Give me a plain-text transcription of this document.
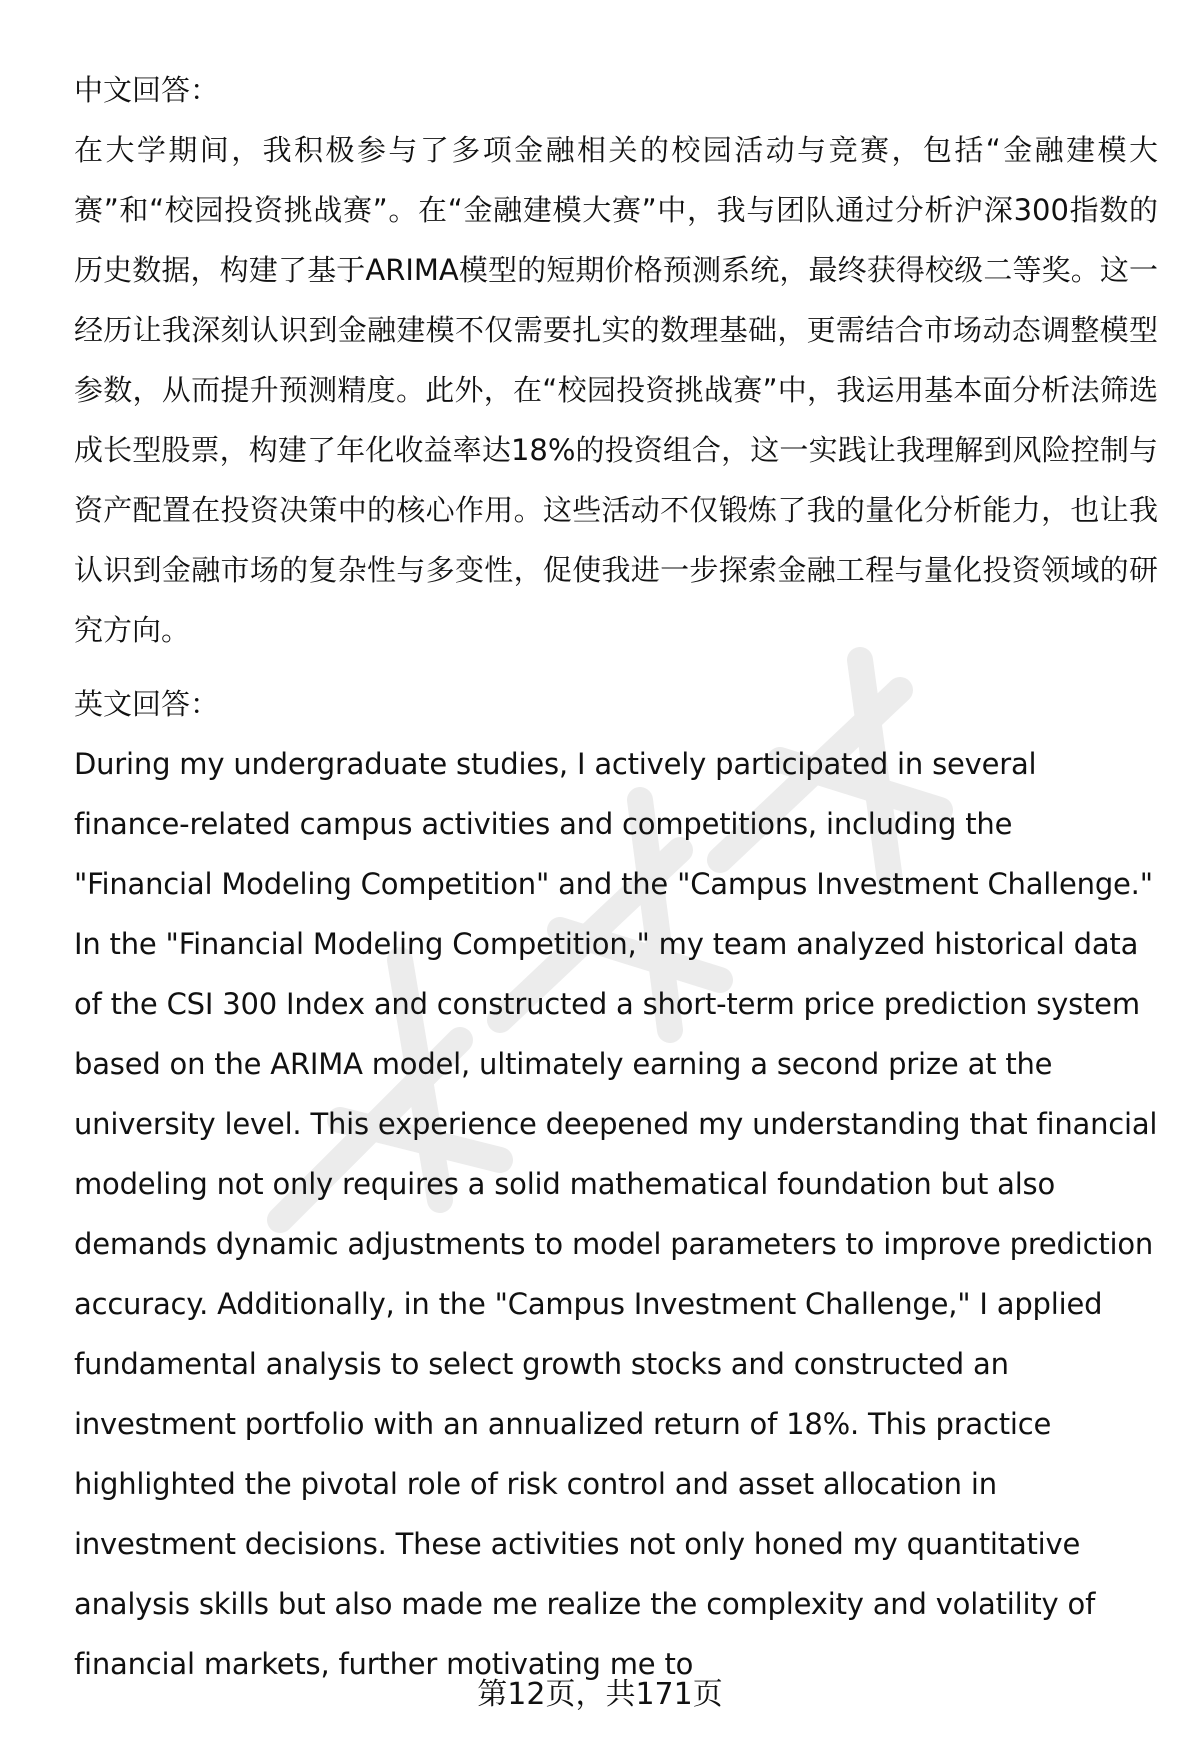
中文回答：

在大学期间，我积极参与了多项金融相关的校园活动与竞赛，包括“金融建模大赛”和“校园投资挑战赛”。在“金融建模大赛”中，我与团队通过分析沪深300指数的历史数据，构建了基于ARIMA模型的短期价格预测系统，最终获得校级二等奖。这一经历让我深刻认识到金融建模不仅需要扎实的数理基础，更需结合市场动态调整模型参数，从而提升预测精度。此外，在“校园投资挑战赛”中，我运用基本面分析法筛选成长型股票，构建了年化收益率达18%的投资组合，这一实践让我理解到风险控制与资产配置在投资决策中的核心作用。这些活动不仅锻炼了我的量化分析能力，也让我认识到金融市场的复杂性与多变性，促使我进一步探索金融工程与量化投资领域的研究方向。

英文回答：

During my undergraduate studies, I actively participated in several finance-related campus activities and competitions, including the "Financial Modeling Competition" and the "Campus Investment Challenge." In the "Financial Modeling Competition," my team analyzed historical data of the CSI 300 Index and constructed a short-term price prediction system based on the ARIMA model, ultimately earning a second prize at the university level. This experience deepened my understanding that financial modeling not only requires a solid mathematical foundation but also demands dynamic adjustments to model parameters to improve prediction accuracy. Additionally, in the "Campus Investment Challenge," I applied fundamental analysis to select growth stocks and constructed an investment portfolio with an annualized return of 18%. This practice highlighted the pivotal role of risk control and asset allocation in investment decisions. These activities not only honed my quantitative analysis skills but also made me realize the complexity and volatility of financial markets, further motivating me to

第12页，共171页
